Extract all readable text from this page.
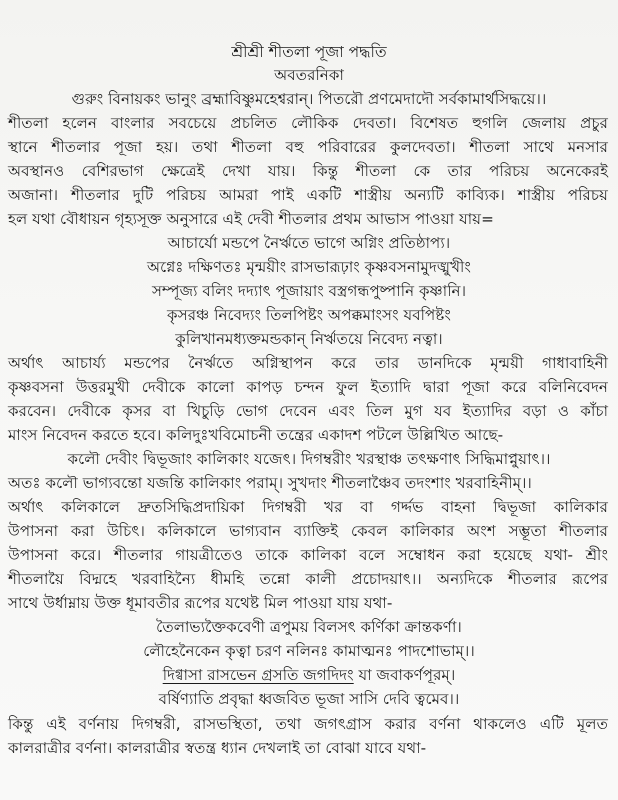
শ্রীশ্রী শীতলা পূজা পদ্ধতি
অবতরনিকা
গুরুং বিনায়কং ভানুং ব্রহ্মাবিষ্ণুমহেশ্বরান্। পিতরৌ প্রণমেদাদৌ সর্বকামার্থসিদ্ধয়ে।।
শীতলা হলেন বাংলার সবচেয়ে প্রচলিত লৌকিক দেবতা। বিশেষত হুগলি জেলায় প্রচুর
স্থানে শীতলার পূজা হয়। তথা শীতলা বহু পরিবারের কুলদেবতা। শীতলা সাথে মনসার
অবস্থানও বেশিরভাগ ক্ষেত্রেই দেখা যায়। কিন্তু শীতলা কে তার পরিচয় অনেকেরই
অজানা। শীতলার দুটি পরিচয় আমরা পাই একটি শাস্ত্রীয় অন্যটি কাব্যিক। শাস্ত্রীয় পরিচয়
হল যথা বৌধায়ন গৃহ্যসূক্ত অনুসারে এই দেবী শীতলার প্রথম আভাস পাওয়া যায়=
আচার্যো মন্ডপে নৈর্ঋতে ভাগে অগ্নিং প্রতিষ্ঠাপ্য।
অগ্নেঃ দক্ষিণতঃ মৃন্ময়ীং রাসভারূঢ়াং কৃষ্ণবসনামুদঙ্মুখীং
সম্পূজ্য বলিং দদ্যাৎ পূজায়াং বস্ত্রগন্ধপুষ্পানি কৃষ্ণানি।
কৃসরঞ্চ নিবেদ্যং তিলপিষ্টং অপক্কমাংসং যবপিষ্টং
কুলিখানমধ্যক্তমন্ডকান্ নির্ঋতয়ে নিবেদ্য নত্বা।
অর্থাৎ আচার্য্য মন্ডপের নৈর্ঋতে অগ্নিস্থাপন করে তার ডানদিকে মৃন্ময়ী গাধাবাহিনী
কৃষ্ণবসনা উত্তরমুখী দেবীকে কালো কাপড় চন্দন ফুল ইত্যাদি দ্বারা পূজা করে বলিনিবেদন
করবেন। দেবীকে কৃসর বা খিচুড়ি ভোগ দেবেন এবং তিল মুগ যব ইত্যাদির বড়া ও কাঁচা
মাংস নিবেদন করতে হবে। কলিদুঃখবিমোচনী তন্ত্রের একাদশ পটলে উল্লিখিত আছে-
কলৌ দেবীং দ্বিভূজাং কালিকাং যজেৎ। দিগম্বরীং খরস্থাঞ্চ তৎক্ষণাৎ সিদ্ধিমাপ্নুয়াৎ।।
অতঃ কলৌ ভাগ্যবন্তো যজন্তি কালিকাং পরাম্। সুখদাং শীতলাঞ্চৈব তদংশাং খরবাহিনীম্।।
অর্থাৎ কলিকালে দ্রুতসিদ্ধিপ্রদায়িকা দিগম্বরী খর বা গর্দ্দভ বাহনা দ্বিভূজা কালিকার
উপাসনা করা উচিৎ। কলিকালে ভাগ্যবান ব্যাক্তিই কেবল কালিকার অংশ সম্ভূতা শীতলার
উপাসনা করে। শীতলার গায়ত্রীতেও তাকে কালিকা বলে সম্বোধন করা হয়েছে যথা- শ্রীং
শীতলায়ৈ বিদ্মহে খরবাহিন্যৈ ধীমহি তন্নো কালী প্রচোদয়াৎ।। অন্যদিকে শীতলার রূপের
সাথে উর্ধাম্নায় উক্ত ধূমাবতীর রূপের যথেষ্ট মিল পাওয়া যায় যথা-
তৈলাভ্যক্তৈকবেণী ত্রপুময় বিলসৎ কর্ণিকা ক্রান্তকর্ণা।
লৌহেনৈকেন কৃত্বা চরণ নলিনঃ কামাত্মনঃ পাদশোভাম্।।
দিগ্বাসা রাসভেন গ্রসতি জগদিদং যা জবাকর্ণপূরম্।
বর্ষিণ্যাতি প্রবৃদ্ধা ধ্বজবিত ভূজা সাসি দেবি ত্বমেব।।
কিন্তু এই বর্ণনায় দিগম্বরী, রাসভস্থিতা, তথা জগৎগ্রাস করার বর্ণনা থাকলেও এটি মূলত
কালরাত্রীর বর্ণনা। কালরাত্রীর স্বতন্ত্র ধ্যান দেখলাই তা বোঝা যাবে যথা-
